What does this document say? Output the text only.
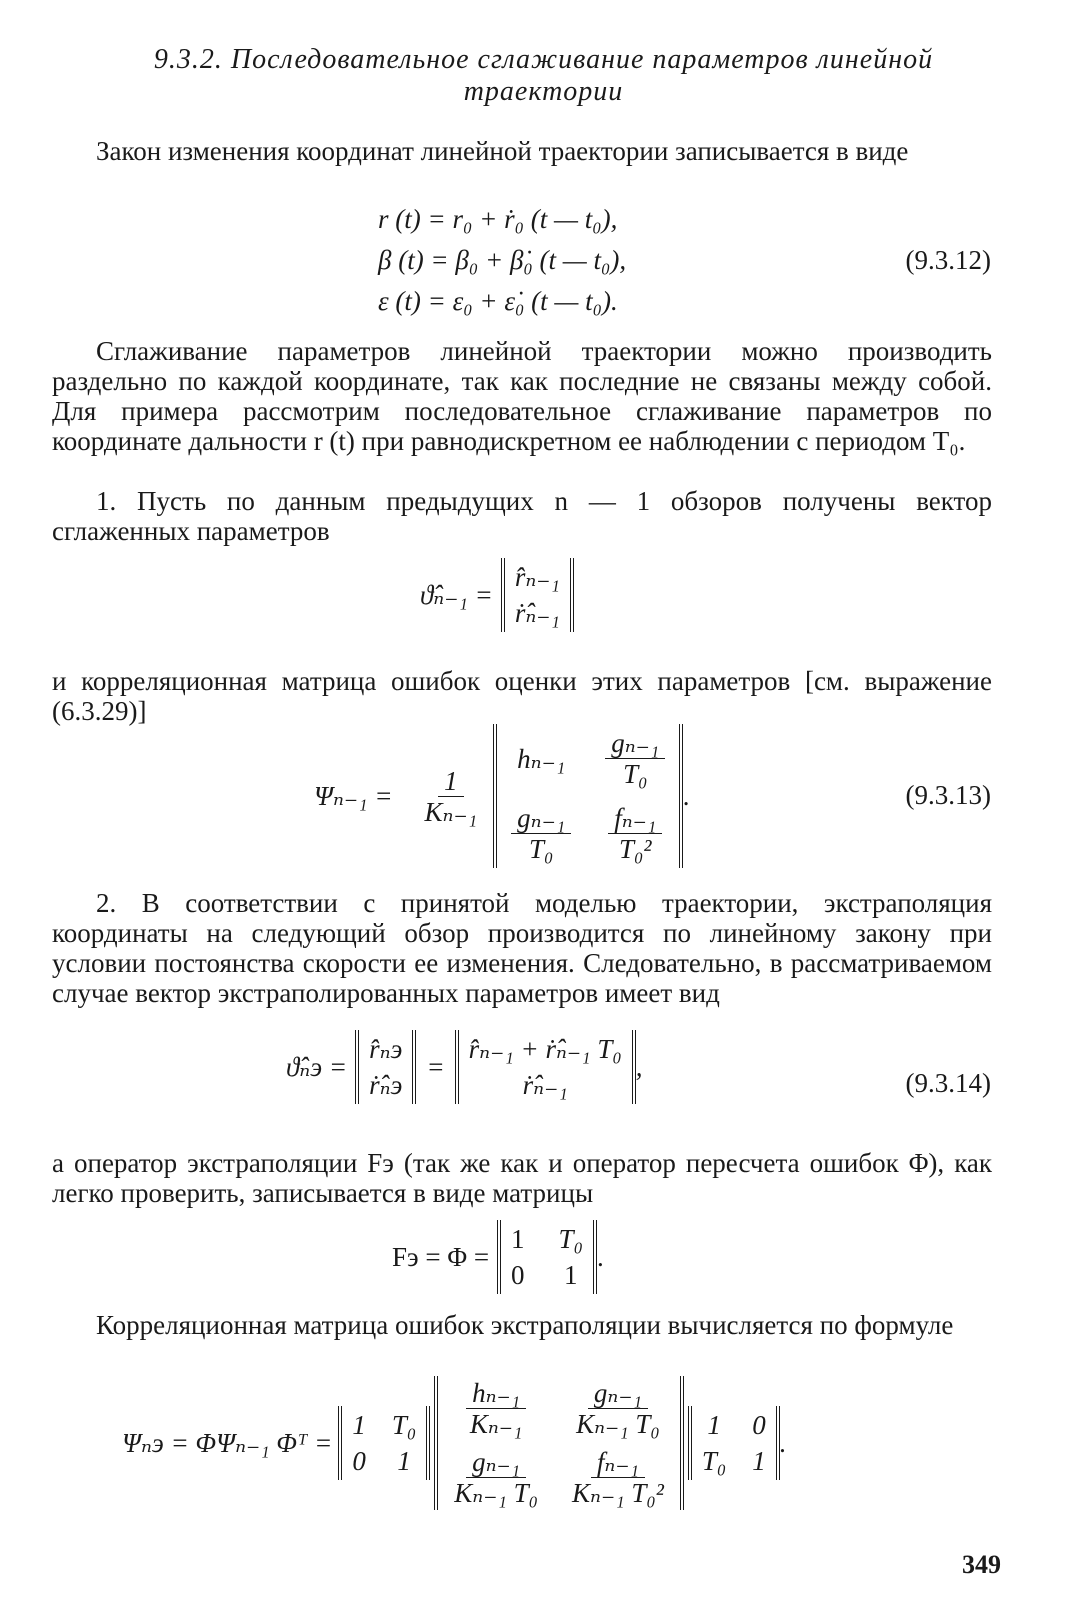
9.3.2. Последовательное сглаживание параметров линейной
траектории

Закон изменения координат линейной траектории записывается в виде

r (t) = r₀ + ṙ₀ (t — t₀),
β (t) = β₀ + β̇₀ (t — t₀),
ε (t) = ε₀ + ε̇₀ (t — t₀).
(9.3.12)

Сглаживание параметров линейной траектории можно производить раздельно по каждой координате, так как последние не связаны между собой. Для примера рассмотрим последовательное сглаживание параметров по координате дальности r (t) при равнодискретном ее наблюдении с периодом T₀.

1. Пусть по данным предыдущих n — 1 обзоров получены вектор сглаженных параметров

ϑ̂ₙ₋₁ =
r̂ₙ₋₁
ṙ̂ₙ₋₁

и корреляционная матрица ошибок оценки этих параметров [см. выражение (6.3.29)]

$\Psi_{n-1} = \frac{1}{\text{Kₙ₋₁}}$
$h_{n-1} \frac{\text{gₙ₋₁}}{\text{T₀}}$
$\frac{\text{gₙ₋₁}}{\text{T₀}} \frac{\text{fₙ₋₁}}{\text{T₀²}}$
.	(9.3.13)

2. В соответствии с принятой моделью траектории, экстраполяция координаты на следующий обзор производится по линейному закону при условии постоянства скорости ее изменения. Следовательно, в рассматриваемом случае вектор экстраполированных параметров имеет вид

ϑ̂ₙэ =
r̂ₙэ
ṙ̂ₙэ
=
r̂ₙ₋₁ + ṙ̂ₙ₋₁ T₀
ṙ̂ₙ₋₁
,
(9.3.14)

а оператор экстраполяции Fэ (так же как и оператор пересчета ошибок Φ), как легко проверить, записывается в виде матрицы

Fэ = Φ =
1 T₀
0 1
.

Корреляционная матрица ошибок экстраполяции вычисляется по формуле

Ψₙэ = ΦΨₙ₋₁ Φᵀ =
1 T₀
0 1
$\frac{\text{hₙ₋₁}}{\text{Kₙ₋₁}} \frac{\text{gₙ₋₁}}{\text{Kₙ₋₁ T₀}}$
$\frac{\text{gₙ₋₁}}{\text{Kₙ₋₁ T₀}} \frac{\text{fₙ₋₁}}{\text{Kₙ₋₁ T₀²}}$
1 0
T₀ 1
.
349
